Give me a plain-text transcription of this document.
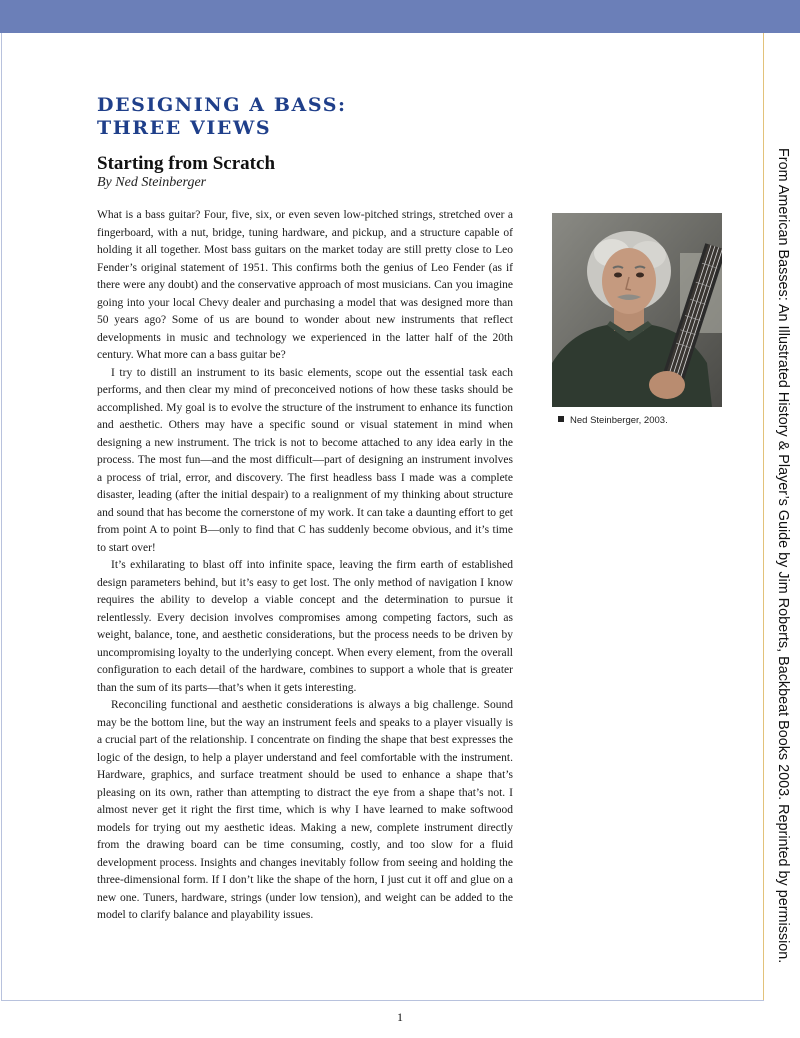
DESIGNING A BASS:
THREE VIEWS
Starting from Scratch
By Ned Steinberger

What is a bass guitar? Four, five, six, or even seven low-pitched strings, stretched over a fingerboard, with a nut, bridge, tuning hardware, and pickup, and a structure capable of holding it all together. Most bass guitars on the market today are still pretty close to Leo Fender’s original statement of 1951. This confirms both the genius of Leo Fender (as if there were any doubt) and the conservative approach of most musicians. Can you imagine going into your local Chevy dealer and purchasing a model that was designed more than 50 years ago? Some of us are bound to wonder about new instruments that reflect developments in music and technology we experienced in the latter half of the 20th century. What more can a bass guitar be?

I try to distill an instrument to its basic elements, scope out the essential task each performs, and then clear my mind of preconceived notions of how these tasks should be accomplished. My goal is to evolve the structure of the instrument to enhance its function and aesthetic. Others may have a specific sound or visual statement in mind when designing a new instrument. The trick is not to become attached to any idea early in the process. The most fun—and the most difficult—part of designing an instrument involves a process of trial, error, and discovery. The first headless bass I made was a complete disaster, leading (after the initial despair) to a realignment of my thinking about structure and sound that has become the cornerstone of my work. It can take a daunting effort to get from point A to point B—only to find that C has suddenly become obvious, and it’s time to start over!

It’s exhilarating to blast off into infinite space, leaving the firm earth of established design parameters behind, but it’s easy to get lost. The only method of navigation I know requires the ability to develop a viable concept and the determination to pursue it relentlessly. Every decision involves compromises among competing factors, such as weight, balance, tone, and aesthetic considerations, but the process needs to be driven by uncompromising loyalty to the underlying concept. When every element, from the overall configuration to each detail of the hardware, combines to support a whole that is greater than the sum of its parts—that’s when it gets interesting.

Reconciling functional and aesthetic considerations is always a big challenge. Sound may be the bottom line, but the way an instrument feels and speaks to a player visually is a crucial part of the relationship. I concentrate on finding the shape that best expresses the logic of the design, to help a player understand and feel comfortable with the instrument. Hardware, graphics, and surface treatment should be used to enhance a shape that’s pleasing on its own, rather than attempting to distract the eye from a shape that’s not. I almost never get it right the first time, which is why I have learned to make softwood models for trying out my aesthetic ideas. Making a new, complete instrument directly from the drawing board can be time consuming, costly, and too slow for a fluid development process. Insights and changes inevitably follow from seeing and holding the three-dimensional form. If I don’t like the shape of the horn, I just cut it off and glue on a new one. Tuners, hardware, strings (under low tension), and weight can be added to the model to clarify balance and playability issues.

Ned Steinberger, 2003.	From American Basses: An Illustrated History & Player’s Guide by Jim Roberts, Backbeat Books 2003. Reprinted by permission.
1
